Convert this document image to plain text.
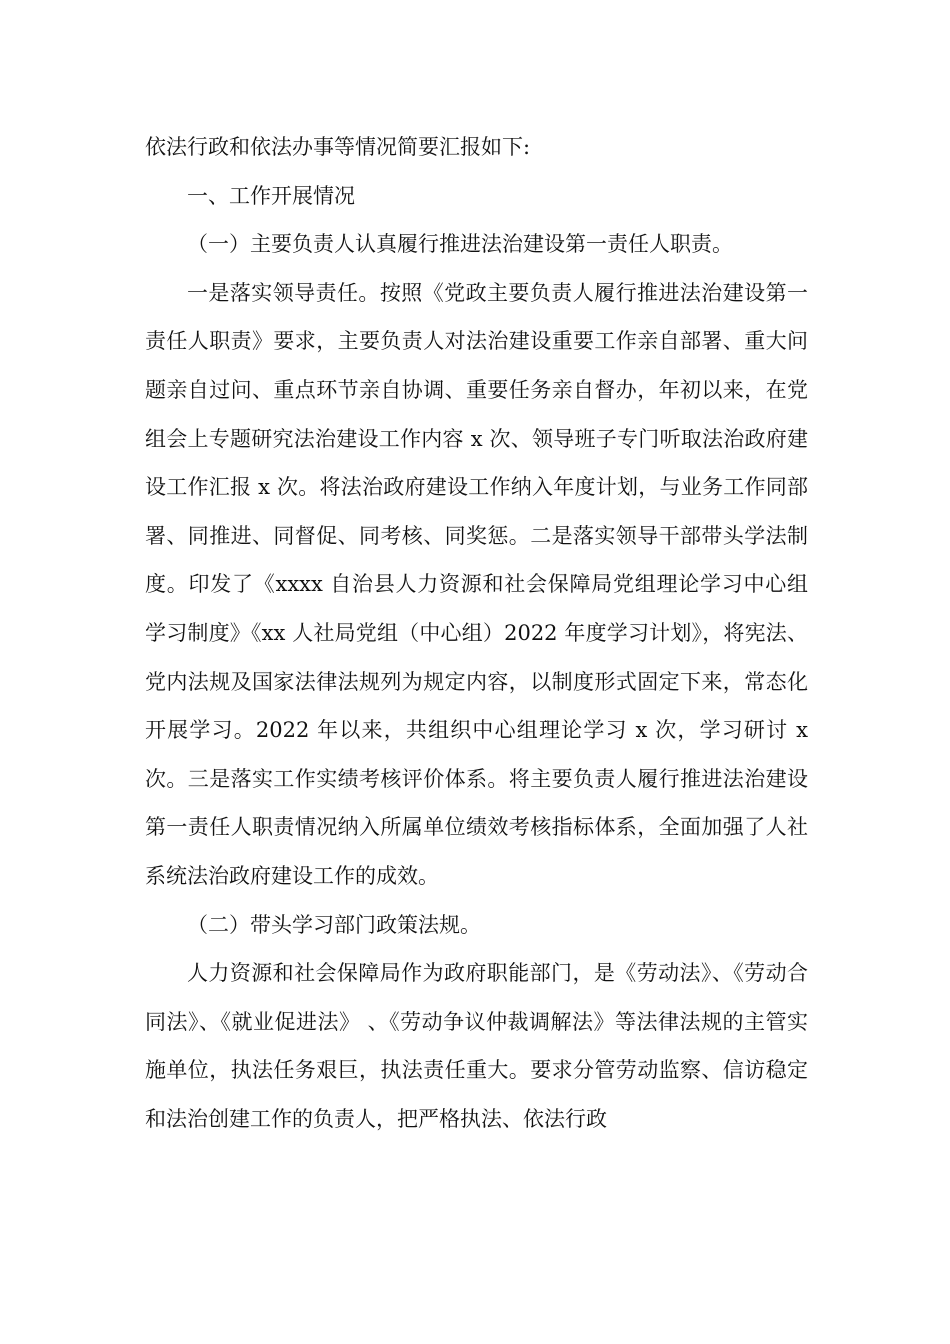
依法行政和依法办事等情况简要汇报如下:

一、工作开展情况

（一）主要负责人认真履行推进法治建设第一责任人职责。

一是落实领导责任。按照《党政主要负责人履行推进法治建设第一责任人职责》要求，主要负责人对法治建设重要工作亲自部署、重大问题亲自过问、重点环节亲自协调、重要任务亲自督办，年初以来，在党组会上专题研究法治建设工作内容 x 次、领导班子专门听取法治政府建设工作汇报 x 次。将法治政府建设工作纳入年度计划，与业务工作同部署、同推进、同督促、同考核、同奖惩。二是落实领导干部带头学法制度。印发了《xxxx 自治县人力资源和社会保障局党组理论学习中心组学习制度》《xx 人社局党组（中心组）2022 年度学习计划》，将宪法、党内法规及国家法律法规列为规定内容，以制度形式固定下来，常态化开展学习。2022 年以来，共组织中心组理论学习 x 次，学习研讨 x 次。三是落实工作实绩考核评价体系。将主要负责人履行推进法治建设第一责任人职责情况纳入所属单位绩效考核指标体系，全面加强了人社系统法治政府建设工作的成效。

（二）带头学习部门政策法规。

人力资源和社会保障局作为政府职能部门，是《劳动法》、《劳动合同法》、《就业促进法》 、《劳动争议仲裁调解法》等法律法规的主管实施单位，执法任务艰巨，执法责任重大。要求分管劳动监察、信访稳定和法治创建工作的负责人，把严格执法、依法行政
